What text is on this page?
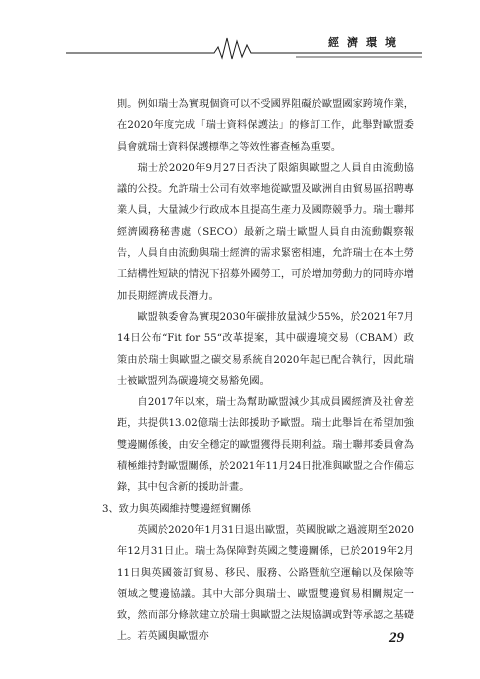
經濟環境

則。例如瑞士為實現個資可以不受國界阻礙於歐盟國家跨境作業，在2020年度完成「瑞士資料保護法」的修訂工作，此舉對歐盟委員會就瑞士資料保護標準之等效性審查極為重要。

瑞士於2020年9月27日否決了限縮與歐盟之人員自由流動協議的公投。允許瑞士公司有效率地從歐盟及歐洲自由貿易區招聘專業人員，大量減少行政成本且提高生產力及國際競爭力。瑞士聯邦經濟國務秘書處（SECO）最新之瑞士歐盟人員自由流動觀察報告，人員自由流動與瑞士經濟的需求緊密相連，允許瑞士在本土勞工結構性短缺的情況下招募外國勞工，可於增加勞動力的同時亦增加長期經濟成長潛力。

歐盟執委會為實現2030年碳排放量減少55%，於2021年7月14日公布“Fit for 55“改革提案，其中碳邊境交易（CBAM）政策由於瑞士與歐盟之碳交易系統自2020年起已配合執行，因此瑞士被歐盟列為碳邊境交易豁免國。

自2017年以來，瑞士為幫助歐盟減少其成員國經濟及社會差距，共提供13.02億瑞士法郎援助予歐盟。瑞士此舉旨在希望加強雙邊關係後，由安全穩定的歐盟獲得長期利益。瑞士聯邦委員會為積極維持對歐盟關係，於2021年11月24日批准與歐盟之合作備忘錄，其中包含新的援助計畫。

3、致力與英國維持雙邊經貿關係

英國於2020年1月31日退出歐盟，英國脫歐之過渡期至2020年12月31日止。瑞士為保障對英國之雙邊關係，已於2019年2月11日與英國簽訂貿易、移民、服務、公路暨航空運輸以及保險等領域之雙邊協議。其中大部分與瑞士、歐盟雙邊貿易相關規定一致，然而部分條款建立於瑞士與歐盟之法規協調或對等承認之基礎上。若英國與歐盟亦	29
